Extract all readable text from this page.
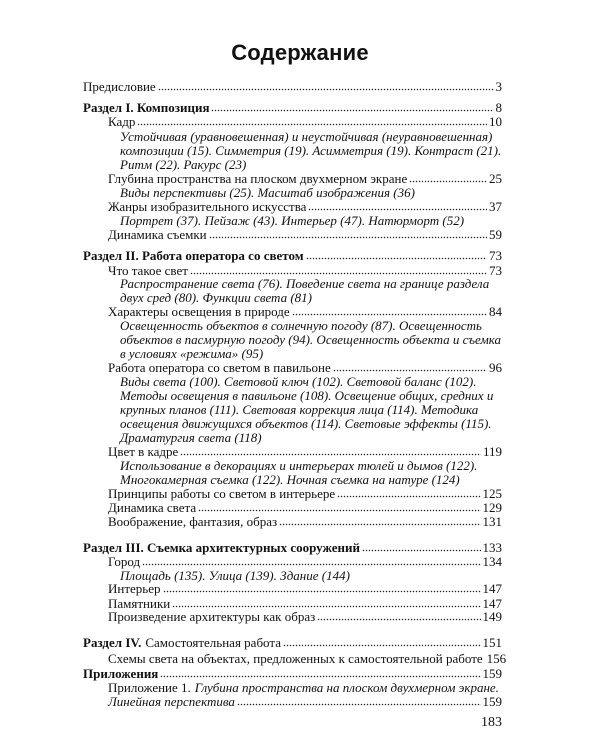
Содержание
Предисловие	3
Раздел I. Композиция	8
Кадр	10
Устойчивая (уравновешенная) и неустойчивая (неуравновешенная)
композиции (15). Симметрия (19). Асимметрия (19). Контраст (21).
Ритм (22). Ракурс (23)
Глубина пространства на плоском двухмерном экране	25
Виды перспективы (25). Масштаб изображения (36)
Жанры изобразительного искусства	37
Портрет (37). Пейзаж (43). Интерьер (47). Натюрморт (52)
Динамика съемки	59
Раздел II. Работа оператора со светом	73
Что такое свет	73
Распространение света (76). Поведение света на границе раздела
двух сред (80). Функции света (81)
Характеры освещения в природе	84
Освещенность объектов в солнечную погоду (87). Освещенность
объектов в пасмурную погоду (94). Освещенность объекта и съемка
в условиях «режима» (95)
Работа оператора со светом в павильоне	96
Виды света (100). Световой ключ (102). Световой баланс (102).
Методы освещения в павильоне (108). Освещение общих, средних и
крупных планов (111). Световая коррекция лица (114). Методика
освещения движущихся объектов (114). Световые эффекты (115).
Драматургия света (118)
Цвет в кадре	119
Использование в декорациях и интерьерах тюлей и дымов (122).
Многокамерная съемка (122). Ночная съемка на натуре (124)
Принципы работы со светом в интерьере	125
Динамика света	129
Воображение, фантазия, образ	131
Раздел III. Съемка архитектурных сооружений	133
Город	134
Площадь (135). Улица (139). Здание (144)
Интерьер	147
Памятники	147
Произведение архитектуры как образ	149
Раздел IV. Самостоятельная работа	151
Схемы света на объектах, предложенных к самостоятельной работе 156
Приложения	159
Приложение 1. Глубина пространства на плоском двухмерном экране.
Линейная перспектива	159
183
